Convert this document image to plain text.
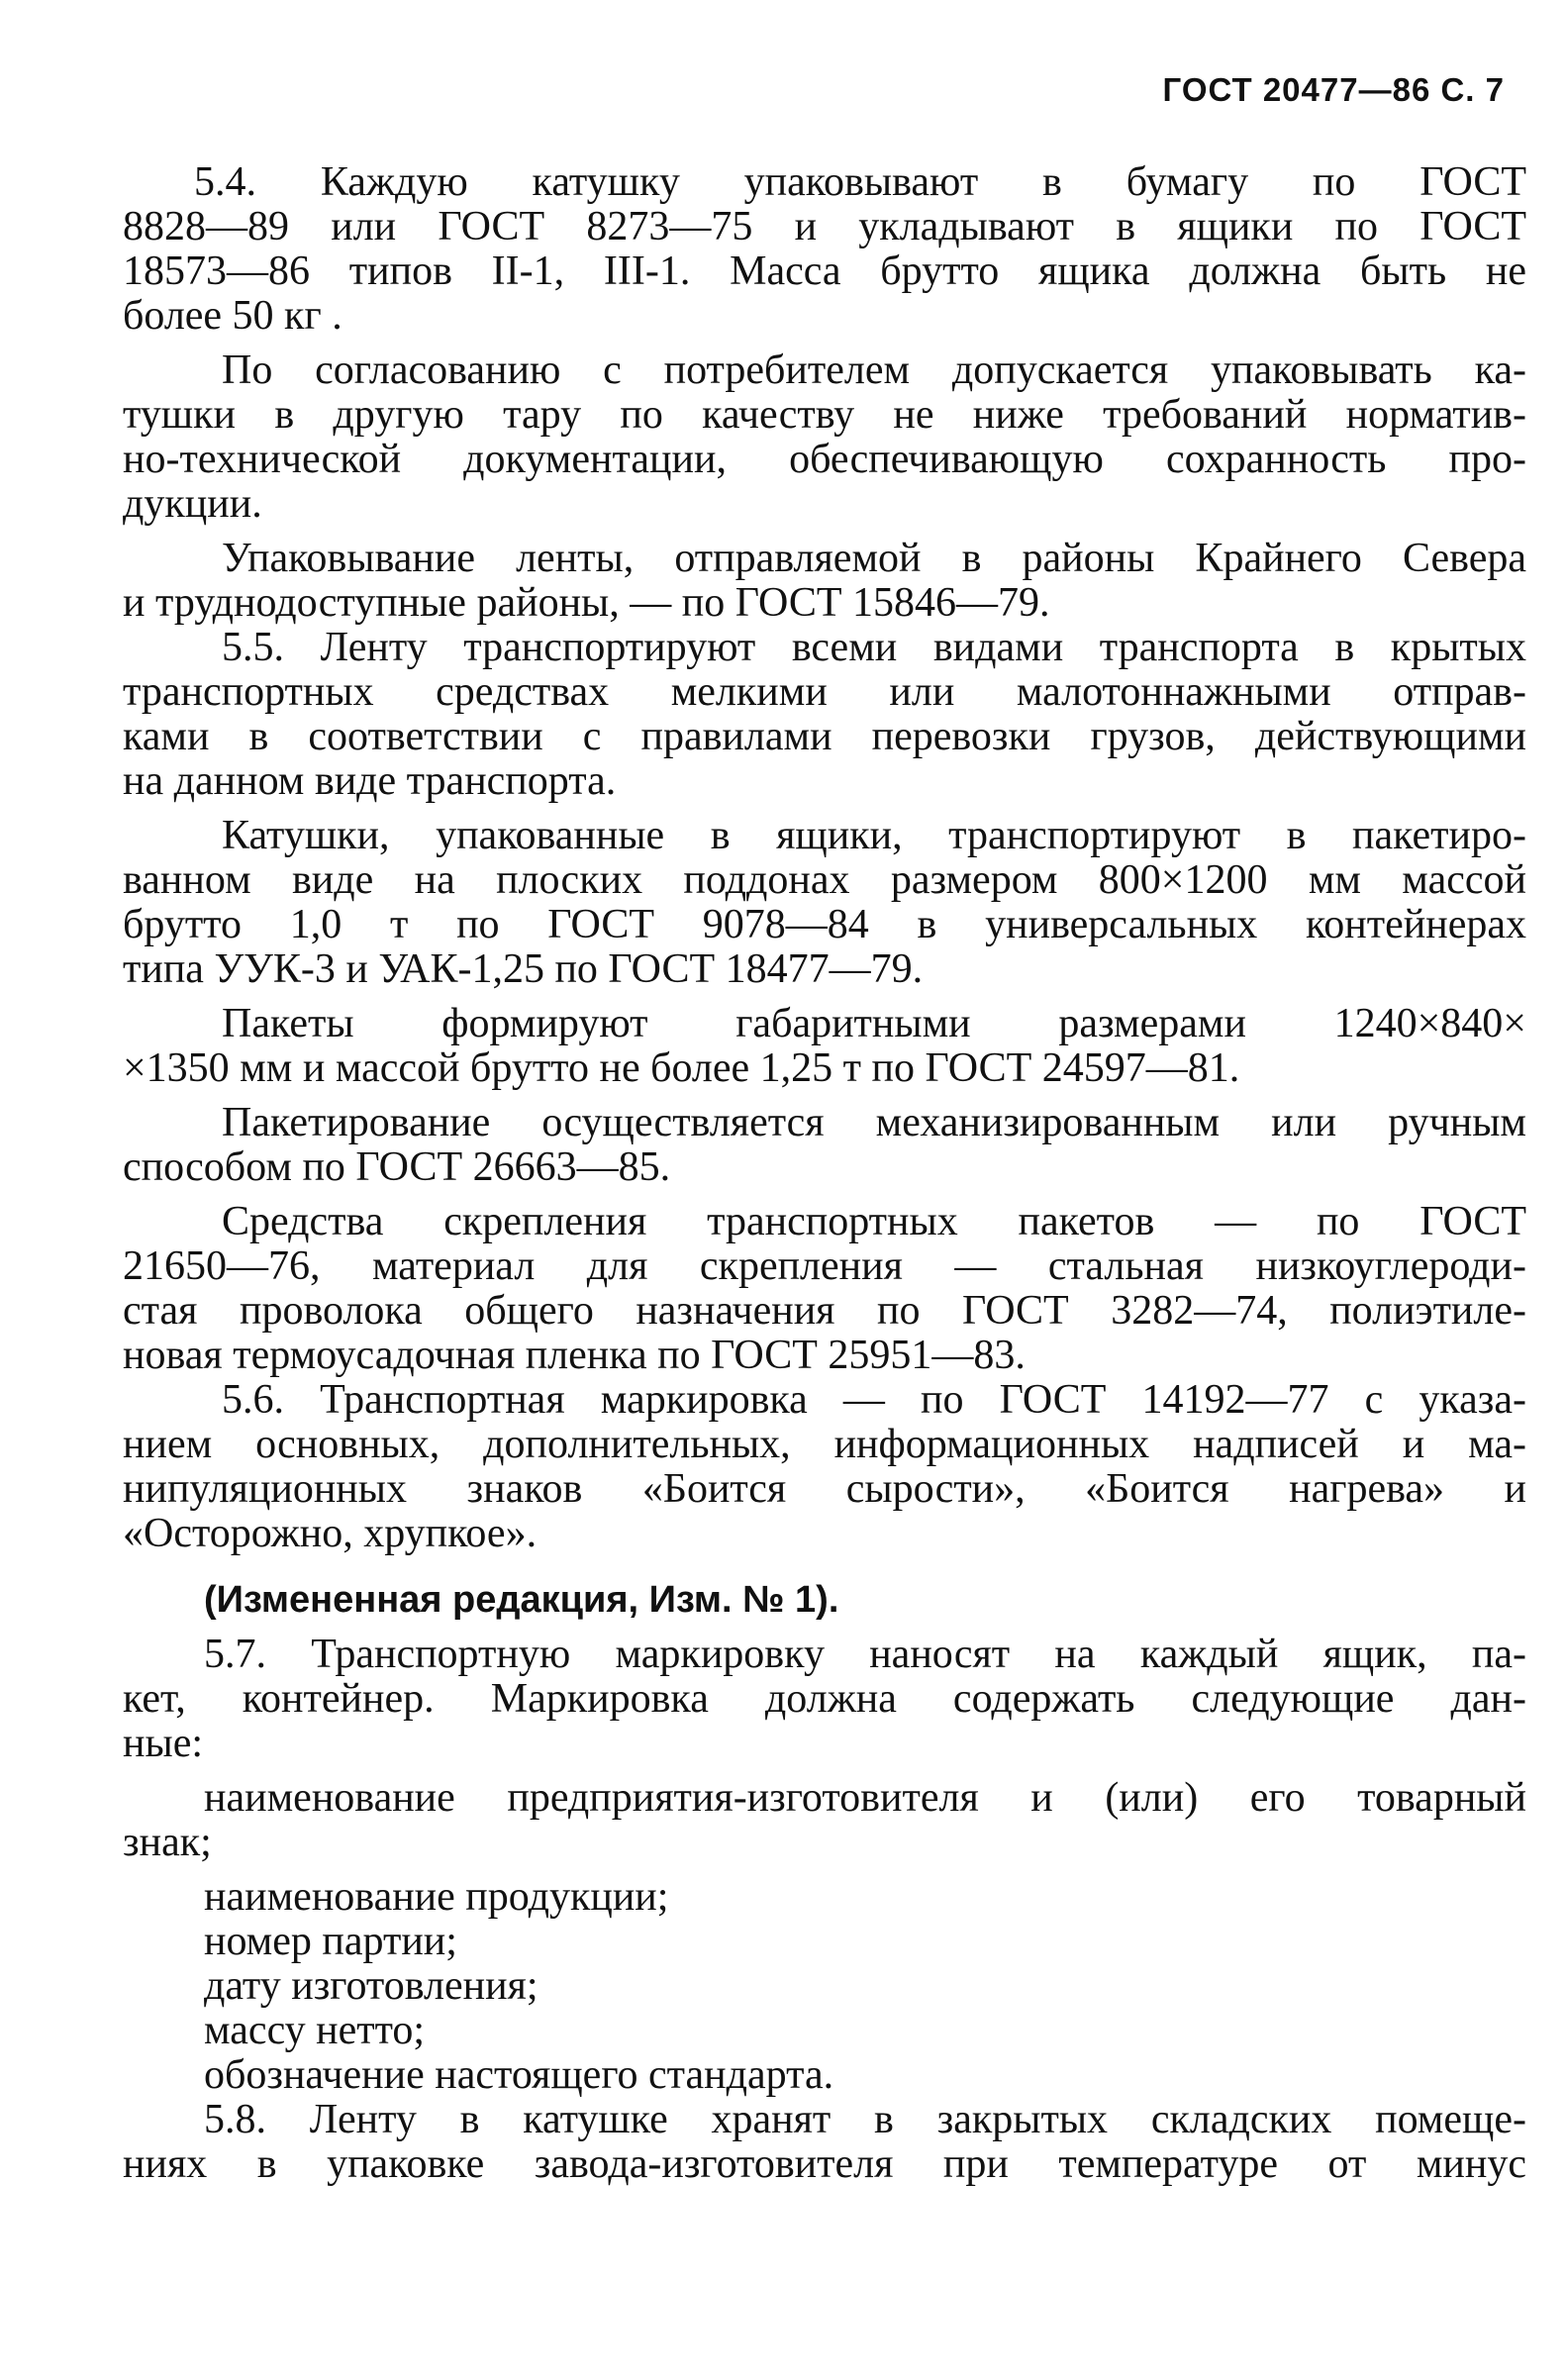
ГОСТ 20477—86 С. 7
5.4. Каждую катушку упаковывают в бумагу по ГОСТ
8828—89 или ГОСТ 8273—75 и укладывают в ящики по ГОСТ
18573—86 типов II-1, III-1. Масса брутто ящика должна быть не
более 50 кг .
По согласованию с потребителем допускается упаковывать ка-
тушки в другую тару по качеству не ниже требований норматив-
но-технической документации, обеспечивающую сохранность про-
дукции.
Упаковывание ленты, отправляемой в районы Крайнего Севера
и труднодоступные районы, — по ГОСТ 15846—79.
5.5. Ленту транспортируют всеми видами транспорта в крытых
транспортных средствах мелкими или малотоннажными отправ-
ками в соответствии с правилами перевозки грузов, действующими
на данном виде транспорта.
Катушки, упакованные в ящики, транспортируют в пакетиро-
ванном виде на плоских поддонах размером 800×1200 мм массой
брутто 1,0 т по ГОСТ 9078—84 в универсальных контейнерах
типа УУК-3 и УАК-1,25 по ГОСТ 18477—79.
Пакеты формируют габаритными размерами 1240×840×
×1350 мм и массой брутто не более 1,25 т по ГОСТ 24597—81.
Пакетирование осуществляется механизированным или ручным
способом по ГОСТ 26663—85.
Средства скрепления транспортных пакетов — по ГОСТ
21650—76, материал для скрепления — стальная низкоуглероди-
стая проволока общего назначения по ГОСТ 3282—74, полиэтиле-
новая термоусадочная пленка по ГОСТ 25951—83.
5.6. Транспортная маркировка — по ГОСТ 14192—77 с указа-
нием основных, дополнительных, информационных надписей и ма-
нипуляционных знаков «Боится сырости», «Боится нагрева» и
«Осторожно, хрупкое».
(Измененная редакция, Изм. № 1).
5.7. Транспортную маркировку наносят на каждый ящик, па-
кет, контейнер. Маркировка должна содержать следующие дан-
ные:
наименование предприятия-изготовителя и (или) его товарный
знак;
наименование продукции;
номер партии;
дату изготовления;
массу нетто;
обозначение настоящего стандарта.
5.8. Ленту в катушке хранят в закрытых складских помеще-
ниях в упаковке завода-изготовителя при температуре от минус
